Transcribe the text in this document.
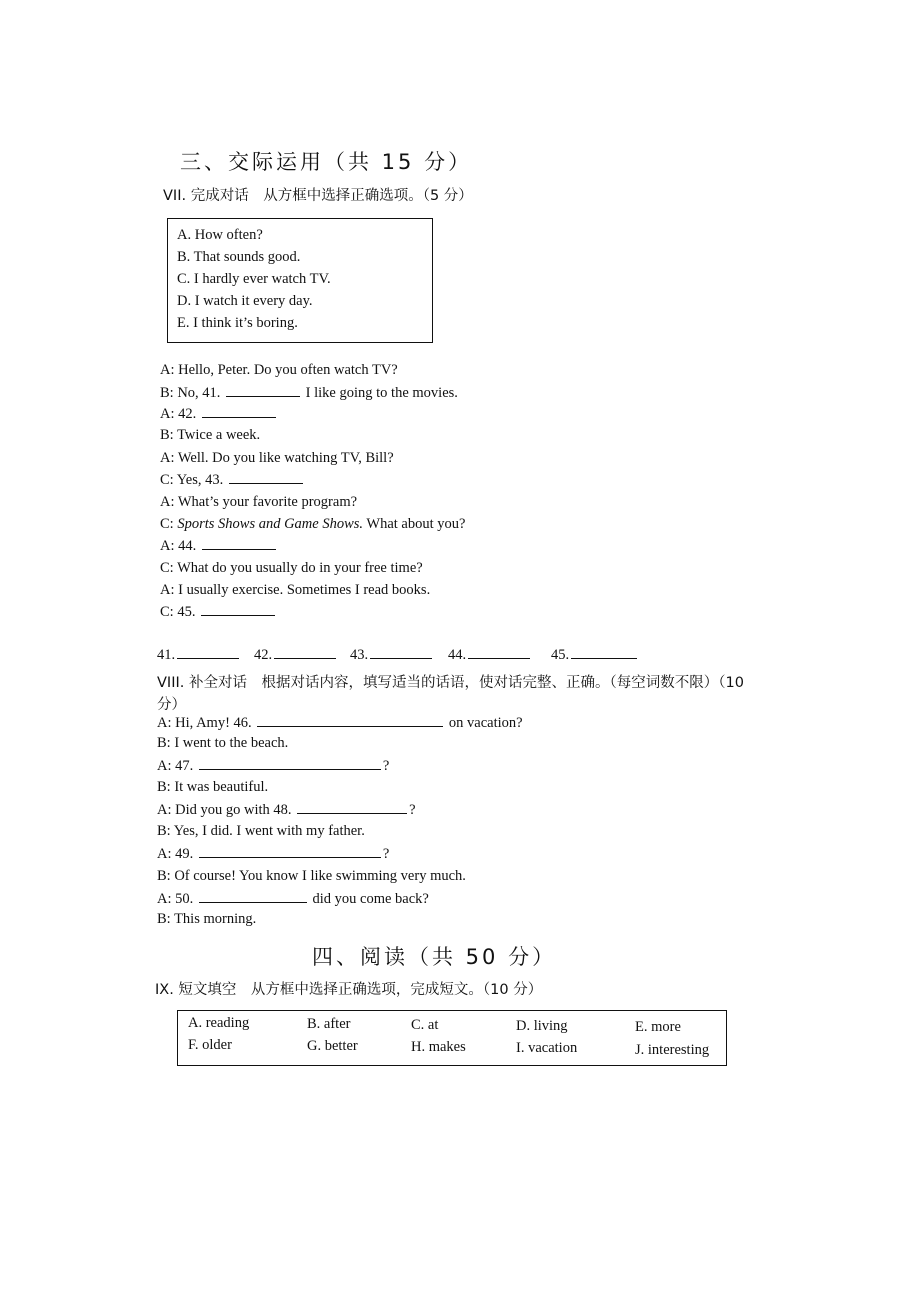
三、交际运用（共 15 分）
VII. 完成对话　从方框中选择正确选项。（5 分）
A. How often?
B. That sounds good.
C. I hardly ever watch TV.
D. I watch it every day.
E. I think it’s boring.
A: Hello, Peter. Do you often watch TV?
B: No, 41.	I like going to the movies.
A: 42.
B: Twice a week.
A: Well. Do you like watching TV, Bill?
C: Yes, 43.
A: What’s your favorite program?
C: Sports Shows and Game Shows. What about you?
A: 44.
C: What do you usually do in your free time?
A: I usually exercise. Sometimes I read books.
C: 45.
41.	42.	43.	44.	45.
VIII. 补全对话　根据对话内容，填写适当的话语，使对话完整、正确。（每空词数不限）（10 分）
A: Hi, Amy! 46.	on vacation?
B: I went to the beach.
A: 47.	?
B: It was beautiful.
A: Did you go with 48.	?
B: Yes, I did. I went with my father.
A: 49.	?
B: Of course! You know I like swimming very much.
A: 50.	did you come back?
B: This morning.
四、阅读（共 50 分）
IX. 短文填空　从方框中选择正确选项，完成短文。（10 分）
A. reading	B. after	C. at	D. living	E. more
F. older	G. better	H. makes	I. vacation	J. interesting
